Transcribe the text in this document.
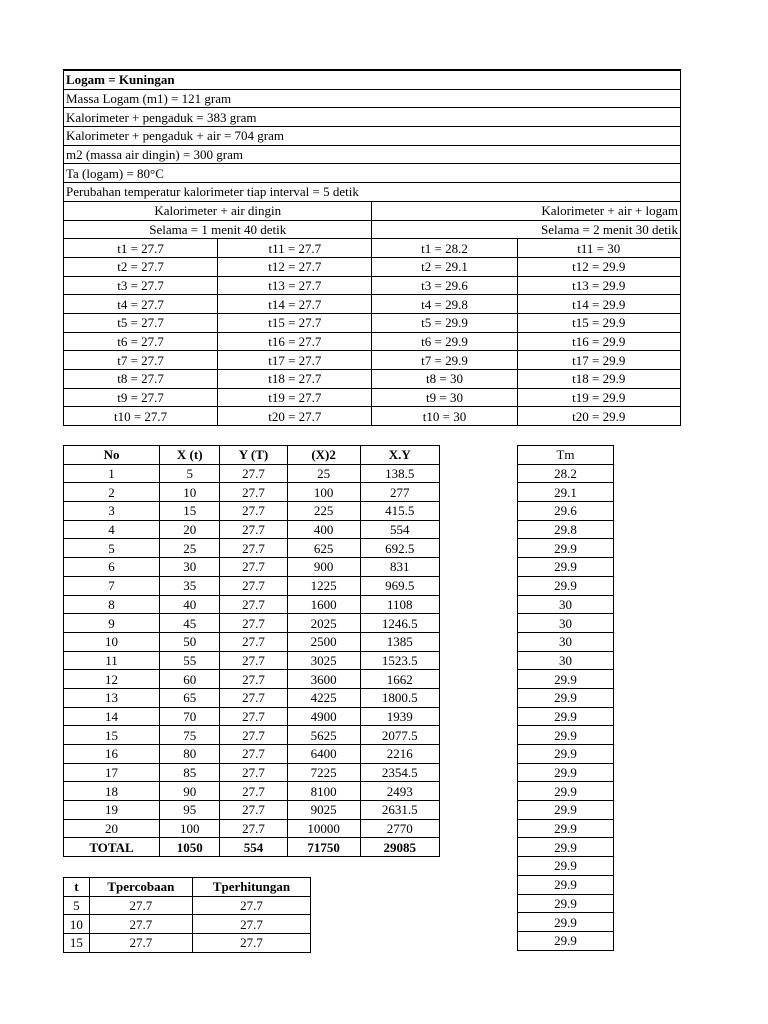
Logam = Kuningan			
Massa Logam (m1) = 121 gram			
Kalorimeter + pengaduk = 383 gram			
Kalorimeter + pengaduk + air = 704 gram			
m2 (massa air dingin) = 300 gram			
Ta (logam) = 80°C			
Perubahan temperatur kalorimeter tiap interval = 5 detik			
Kalorimeter + air dingin		Kalorimeter + air + logam	
Selama = 1 menit 40 detik		Selama = 2 menit 30 detik	
t1 = 27.7	t11 = 27.7	t1 = 28.2	t11 = 30
t2 = 27.7	t12 = 27.7	t2 = 29.1	t12 = 29.9
t3 = 27.7	t13 = 27.7	t3 = 29.6	t13 = 29.9
t4 = 27.7	t14 = 27.7	t4 = 29.8	t14 = 29.9
t5 = 27.7	t15 = 27.7	t5 = 29.9	t15 = 29.9
t6 = 27.7	t16 = 27.7	t6 = 29.9	t16 = 29.9
t7 = 27.7	t17 = 27.7	t7 = 29.9	t17 = 29.9
t8 = 27.7	t18 = 27.7	t8 = 30	t18 = 29.9
t9 = 27.7	t19 = 27.7	t9 = 30	t19 = 29.9
t10 = 27.7	t20 = 27.7	t10 = 30	t20 = 29.9
No	X (t)	Y (T)	(X)2	X.Y
1	5	27.7	25	138.5
2	10	27.7	100	277
3	15	27.7	225	415.5
4	20	27.7	400	554
5	25	27.7	625	692.5
6	30	27.7	900	831
7	35	27.7	1225	969.5
8	40	27.7	1600	1108
9	45	27.7	2025	1246.5
10	50	27.7	2500	1385
11	55	27.7	3025	1523.5
12	60	27.7	3600	1662
13	65	27.7	4225	1800.5
14	70	27.7	4900	1939
15	75	27.7	5625	2077.5
16	80	27.7	6400	2216
17	85	27.7	7225	2354.5
18	90	27.7	8100	2493
19	95	27.7	9025	2631.5
20	100	27.7	10000	2770
TOTAL	1050	554	71750	29085
t	Tpercobaan	Tperhitungan
5	27.7	27.7
10	27.7	27.7
15	27.7	27.7
Tm
28.2
29.1
29.6
29.8
29.9
29.9
29.9
30
30
30
30
29.9
29.9
29.9
29.9
29.9
29.9
29.9
29.9
29.9
29.9
29.9
29.9
29.9
29.9
29.9
